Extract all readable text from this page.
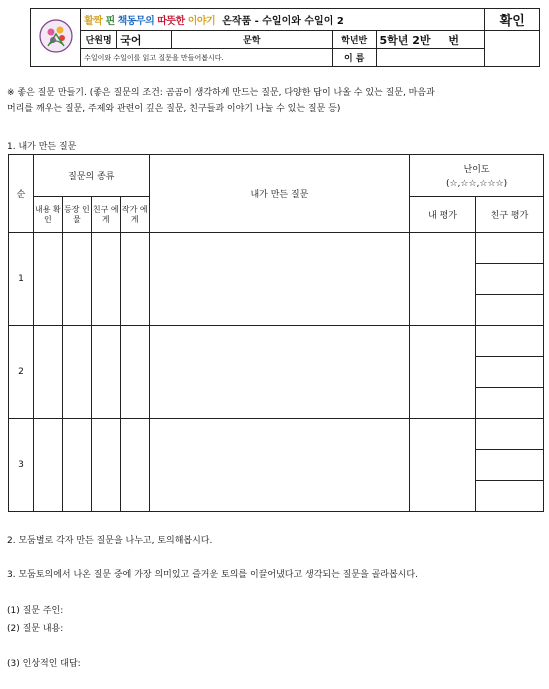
	활짝 핀 책동무의 따뜻한 이야기 온작품 - 수일이와 수일이 2					확인
	단원명	국어	문학	학년반	5학년 2반 번	
	수일이와 수일이를 읽고 질문을 만들어봅시다.			이 름		
※ 좋은 질문 만들기. (좋은 질문의 조건: 곰곰이 생각하게 만드는 질문, 다양한 답이 나올 수 있는 질문, 마음과
머리를 깨우는 질문, 주제와 관련이 깊은 질문, 친구들과 이야기 나눌 수 있는 질문 등)
1. 내가 만든 질문
순	질문의 종류				내가 만든 질문	난이도
(☆,☆☆,☆☆☆)	

	내용 확인	등장 인물	친구 에게	작가 에게		내 평가	친구 평가
1							

2							

3							
2. 모둠별로 각자 만든 질문을 나누고, 토의해봅시다.
3. 모둠토의에서 나온 질문 중에 가장 의미있고 즐거운 토의를 이끌어냈다고 생각되는 질문을 골라봅시다.
(1) 질문 주인:
(2) 질문 내용:
(3) 인상적인 대답:
